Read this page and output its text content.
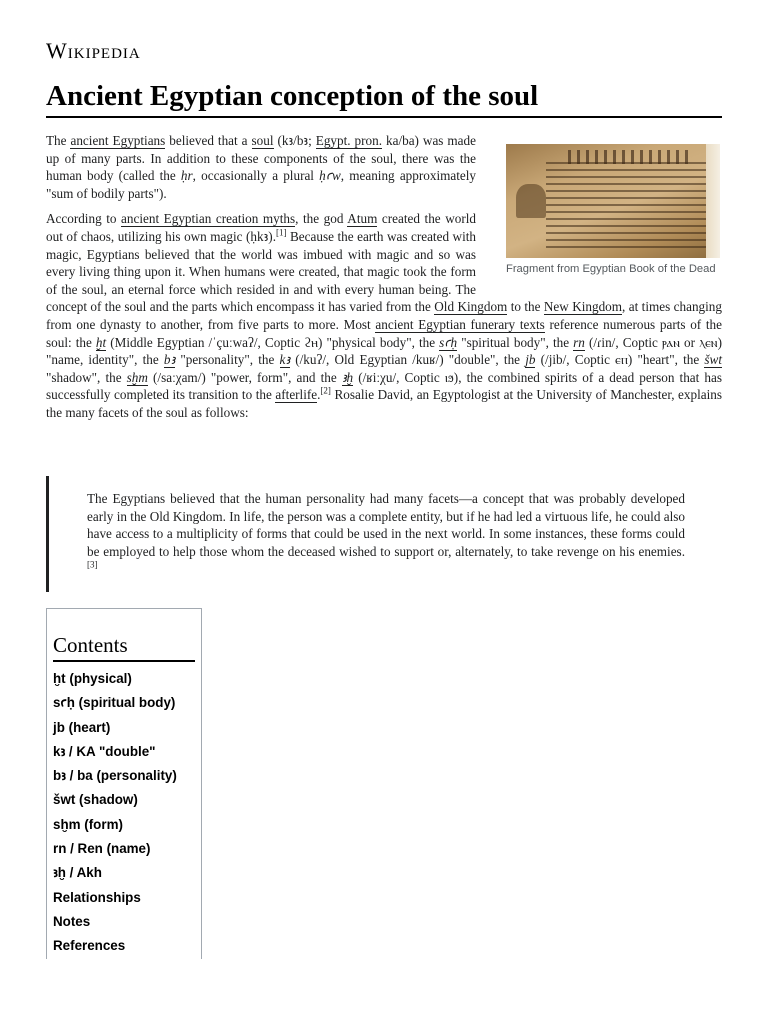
Wikipedia
Ancient Egyptian conception of the soul
Fragment from Egyptian Book of the Dead

The ancient Egyptians believed that a soul (kꜣ/bꜣ; Egypt. pron. ka/ba) was made up of many parts. In addition to these components of the soul, there was the human body (called the ḥr, occasionally a plural ḥꜥw, meaning approximately "sum of bodily parts").

According to ancient Egyptian creation myths, the god Atum created the world out of chaos, utilizing his own magic (ḥkꜣ).[1] Because the earth was created with magic, Egyptians believed that the world was imbued with magic and so was every living thing upon it. When humans were created, that magic took the form of the soul, an eternal force which resided in and with every human being. The concept of the soul and the parts which encompass it has varied from the Old Kingdom to the New Kingdom, at times changing from one dynasty to another, from five parts to more. Most ancient Egyptian funerary texts reference numerous parts of the soul: the ḫt (Middle Egyptian /ˈçuːwaʔ/, Coptic ϩⲏ) "physical body", the sꜥḥ "spiritual body", the rn (/ɾin/, Coptic ⲣⲁⲛ or ⲗⲉⲛ) "name, identity", the bꜣ "personality", the kꜣ (/kuʔ/, Old Egyptian /kuʁ/) "double", the jb (/jib/, Coptic ⲉⲡ) "heart", the šwt "shadow", the sḫm (/saːχam/) "power, form", and the ꜣḫ (/ʁiːχu/, Coptic ⲓϧ), the combined spirits of a dead person that has successfully completed its transition to the afterlife.[2] Rosalie David, an Egyptologist at the University of Manchester, explains the many facets of the soul as follows:

The Egyptians believed that the human personality had many facets—a concept that was probably developed early in the Old Kingdom. In life, the person was a complete entity, but if he had led a virtuous life, he could also have access to a multiplicity of forms that could be used in the next world. In some instances, these forms could be employed to help those whom the deceased wished to support or, alternately, to take revenge on his enemies.[3]

Contents
ḫt (physical)
sꜥḥ (spiritual body)
jb (heart)
kꜣ / KA "double"
bꜣ / ba (personality)
šwt (shadow)
sḫm (form)
rn / Ren (name)
ꜣḫ / Akh
Relationships
Notes
References
